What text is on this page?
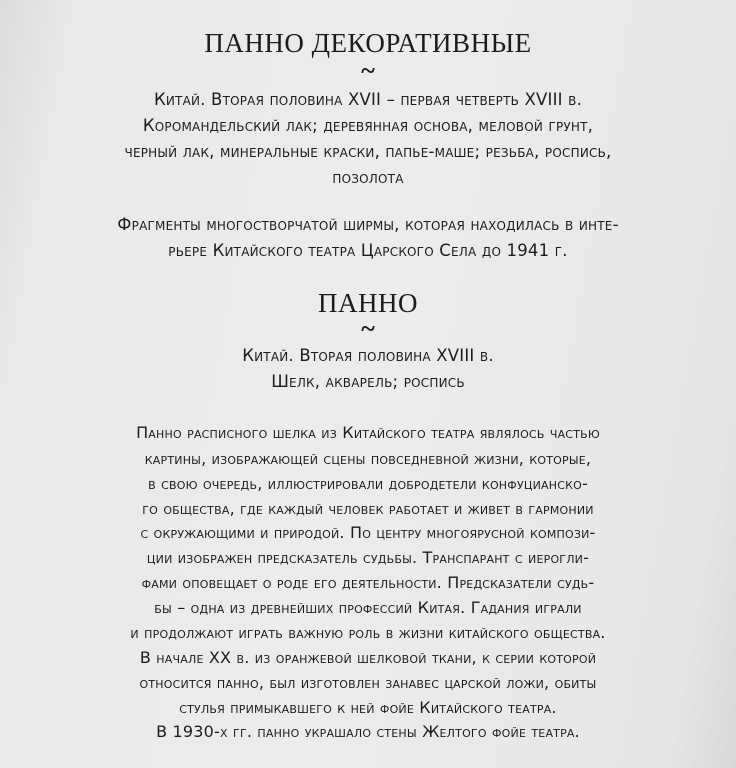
ПАННО ДЕКОРАТИВНЫЕ
~
Китай. Вторая половина XVII – первая четверть XVIII в.
Коромандельский лак; деревянная основа, меловой грунт,
черный лак, минеральные краски, папье-маше; резьба, роспись,
позолота
Фрагменты многостворчатой ширмы, которая находилась в инте-
рьере Китайского театра Царского Села до 1941 г.
ПАННО
~
Китай. Вторая половина XVIII в.
Шелк, акварель; роспись
Панно расписного шелка из Китайского театра являлось частью
картины, изображающей сцены повседневной жизни, которые,
в свою очередь, иллюстрировали добродетели конфуцианско-
го общества, где каждый человек работает и живет в гармонии
с окружающими и природой. По центру многоярусной компози-
ции изображен предсказатель судьбы. Транспарант с иерогли-
фами оповещает о роде его деятельности. Предсказатели судь-
бы – одна из древнейших профессий Китая. Гадания играли
и продолжают играть важную роль в жизни китайского общества.
В начале XX в. из оранжевой шелковой ткани, к серии которой
относится панно, был изготовлен занавес царской ложи, обиты
стулья примыкавшего к ней фойе Китайского театра.
В 1930-х гг. панно украшало стены Желтого фойе театра.
